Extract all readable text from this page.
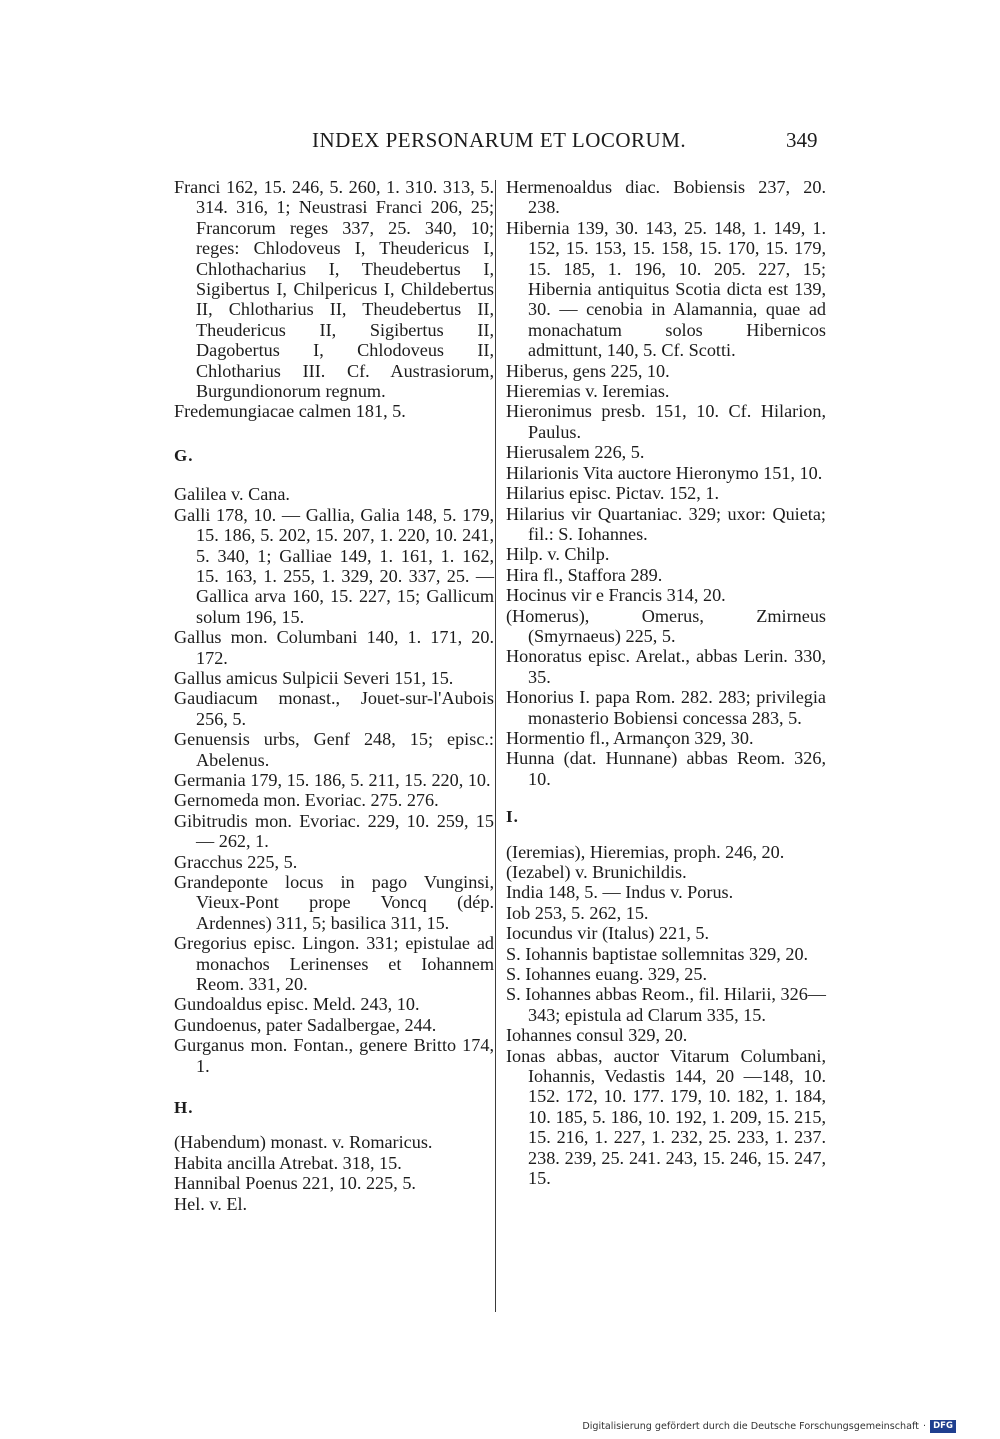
INDEX PERSONARUM ET LOCORUM.	349
Franci 162, 15. 246, 5. 260, 1. 310. 313, 5. 314. 316, 1; Neustrasi Franci 206, 25; Francorum reges 337, 25. 340, 10; reges: Chlodoveus I, Theudericus I, Chlothacharius I, Theudebertus I, Sigibertus I, Chilpericus I, Childebertus II, Chlotharius II, Theudebertus II, Theudericus II, Sigibertus II, Dagobertus I, Chlodoveus II, Chlotharius III. Cf. Austrasiorum, Burgundionorum regnum.
Fredemungiacae calmen 181, 5.
G.
Galilea v. Cana.
Galli 178, 10. — Gallia, Galia 148, 5. 179, 15. 186, 5. 202, 15. 207, 1. 220, 10. 241, 5. 340, 1; Galliae 149, 1. 161, 1. 162, 15. 163, 1. 255, 1. 329, 20. 337, 25. — Gallica arva 160, 15. 227, 15; Gallicum solum 196, 15.
Gallus mon. Columbani 140, 1. 171, 20. 172.
Gallus amicus Sulpicii Severi 151, 15.
Gaudiacum monast., Jouet-sur-l'Aubois 256, 5.
Genuensis urbs, Genf 248, 15; episc.: Abelenus.
Germania 179, 15. 186, 5. 211, 15. 220, 10.
Gernomeda mon. Evoriac. 275. 276.
Gibitrudis mon. Evoriac. 229, 10. 259, 15 — 262, 1.
Gracchus 225, 5.
Grandeponte locus in pago Vunginsi, Vieux-Pont prope Voncq (dép. Ardennes) 311, 5; basilica 311, 15.
Gregorius episc. Lingon. 331; epistulae ad monachos Lerinenses et Iohannem Reom. 331, 20.
Gundoaldus episc. Meld. 243, 10.
Gundoenus, pater Sadalbergae, 244.
Gurganus mon. Fontan., genere Britto 174, 1.
H.
(Habendum) monast. v. Romaricus.
Habita ancilla Atrebat. 318, 15.
Hannibal Poenus 221, 10. 225, 5.
Hel. v. El.
Hermenoaldus diac. Bobiensis 237, 20. 238.
Hibernia 139, 30. 143, 25. 148, 1. 149, 1. 152, 15. 153, 15. 158, 15. 170, 15. 179, 15. 185, 1. 196, 10. 205. 227, 15; Hibernia antiquitus Scotia dicta est 139, 30. — cenobia in Alamannia, quae ad monachatum solos Hibernicos admittunt, 140, 5. Cf. Scotti.
Hiberus, gens 225, 10.
Hieremias v. Ieremias.
Hieronimus presb. 151, 10. Cf. Hilarion, Paulus.
Hierusalem 226, 5.
Hilarionis Vita auctore Hieronymo 151, 10.
Hilarius episc. Pictav. 152, 1.
Hilarius vir Quartaniac. 329; uxor: Quieta; fil.: S. Iohannes.
Hilp. v. Chilp.
Hira fl., Staffora 289.
Hocinus vir e Francis 314, 20.
(Homerus), Omerus, Zmirneus (Smyrnaeus) 225, 5.
Honoratus episc. Arelat., abbas Lerin. 330, 35.
Honorius I. papa Rom. 282. 283; privilegia monasterio Bobiensi concessa 283, 5.
Hormentio fl., Armançon 329, 30.
Hunna (dat. Hunnane) abbas Reom. 326, 10.
I.
(Ieremias), Hieremias, proph. 246, 20.
(Iezabel) v. Brunichildis.
India 148, 5. — Indus v. Porus.
Iob 253, 5. 262, 15.
Iocundus vir (Italus) 221, 5.
S. Iohannis baptistae sollemnitas 329, 20.
S. Iohannes euang. 329, 25.
S. Iohannes abbas Reom., fil. Hilarii, 326—343; epistula ad Clarum 335, 15.
Iohannes consul 329, 20.
Ionas abbas, auctor Vitarum Columbani, Iohannis, Vedastis 144, 20 —148, 10. 152. 172, 10. 177. 179, 10. 182, 1. 184, 10. 185, 5. 186, 10. 192, 1. 209, 15. 215, 15. 216, 1. 227, 1. 232, 25. 233, 1. 237. 238. 239, 25. 241. 243, 15. 246, 15. 247, 15.
Digitalisierung gefördert durch die Deutsche Forschungsgemeinschaft · DFG
